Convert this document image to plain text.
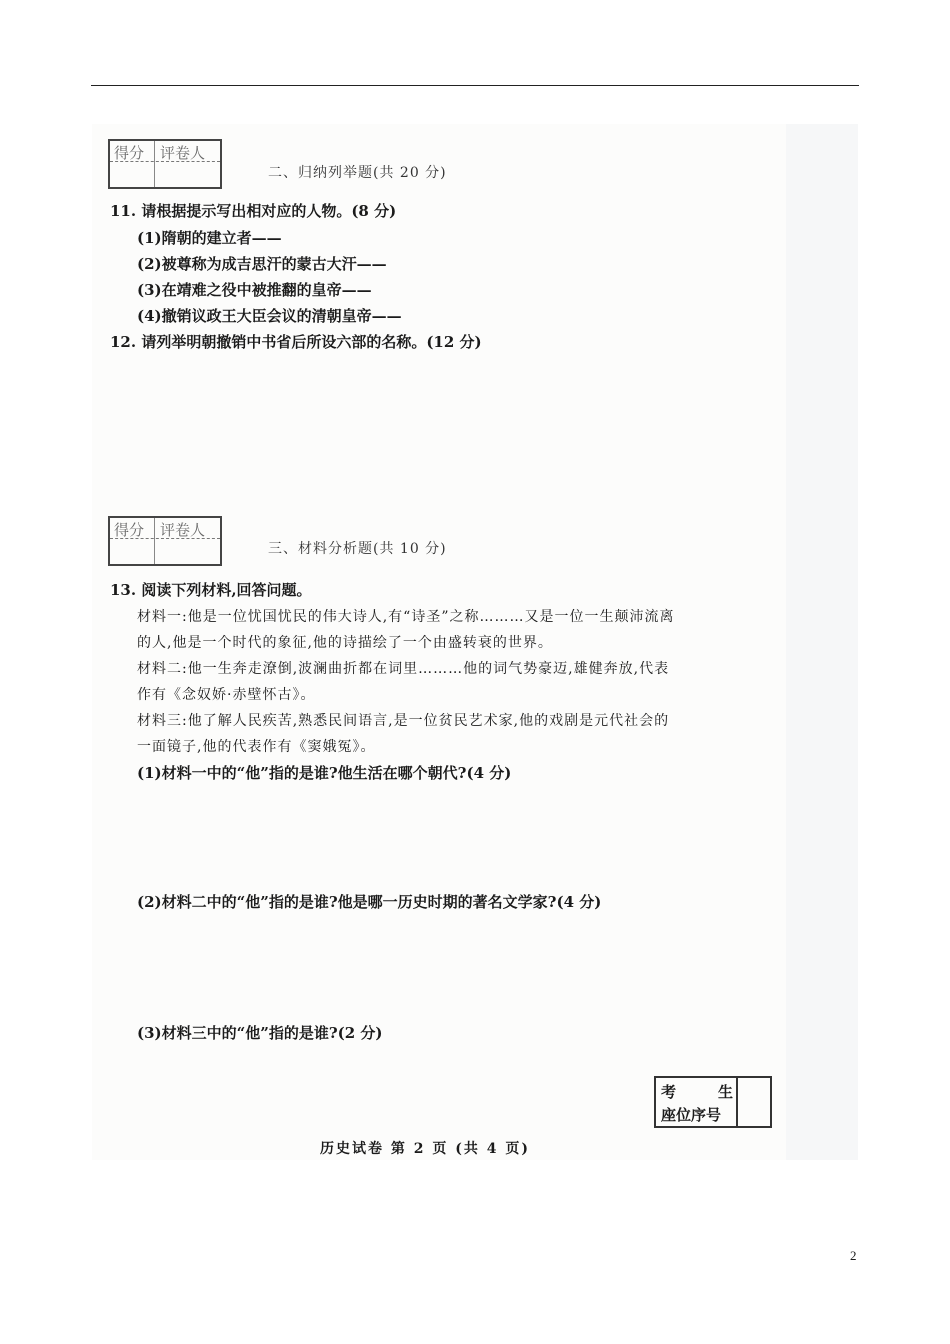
得分 评卷人
二、归纳列举题(共 20 分)
11. 请根据提示写出相对应的人物。(8 分)
(1)隋朝的建立者——
(2)被尊称为成吉思汗的蒙古大汗——
(3)在靖难之役中被推翻的皇帝——
(4)撤销议政王大臣会议的清朝皇帝——
12. 请列举明朝撤销中书省后所设六部的名称。(12 分)
得分 评卷人
三、材料分析题(共 10 分)
13. 阅读下列材料,回答问题。
材料一:他是一位忧国忧民的伟大诗人,有“诗圣”之称………又是一位一生颠沛流离
的人,他是一个时代的象征,他的诗描绘了一个由盛转衰的世界。
材料二:他一生奔走潦倒,波澜曲折都在词里………他的词气势豪迈,雄健奔放,代表
作有《念奴娇·赤壁怀古》。
材料三:他了解人民疾苦,熟悉民间语言,是一位贫民艺术家,他的戏剧是元代社会的
一面镜子,他的代表作有《窦娥冤》。
(1)材料一中的“他”指的是谁?他生活在哪个朝代?(4 分)
(2)材料二中的“他”指的是谁?他是哪一历史时期的著名文学家?(4 分)
(3)材料三中的“他”指的是谁?(2 分)
考生
座位序号
历史试卷 第 2 页 (共 4 页)
2
